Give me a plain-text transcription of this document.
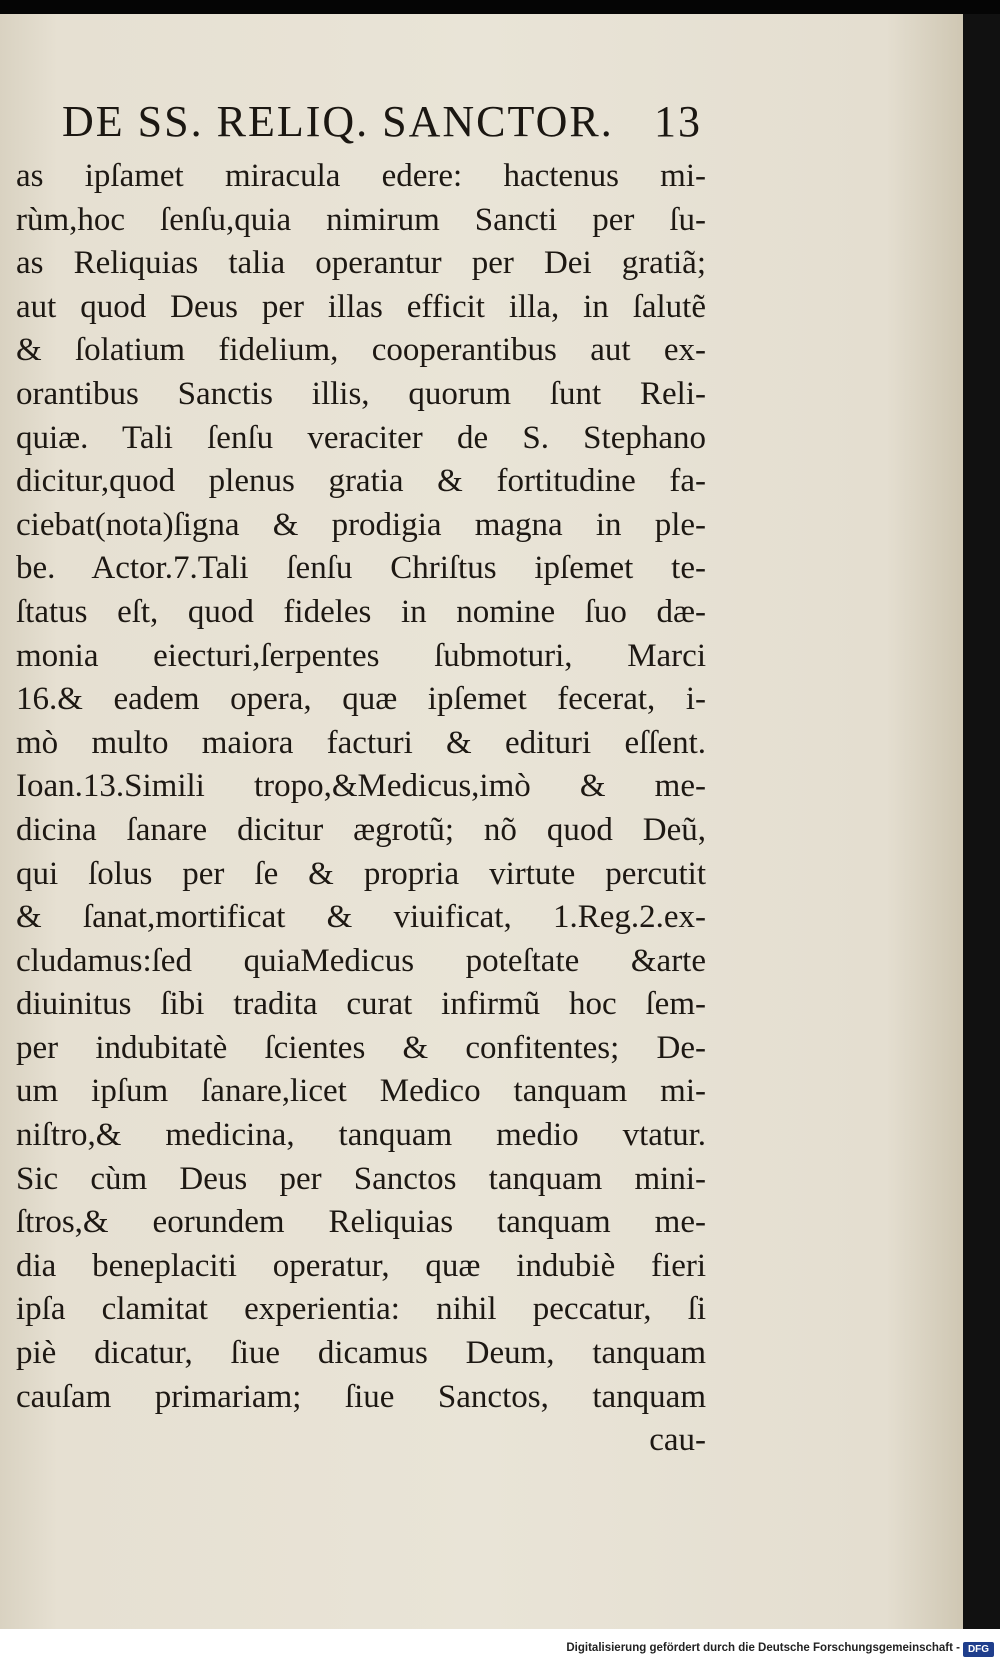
DE SS. RELIQ. SANCTOR. 13
as ipſamet miracula edere: hactenus mi-
rùm,hoc ſenſu,quia nimirum Sancti per ſu-
as Reliquias talia operantur per Dei gratiã;
aut quod Deus per illas efficit illa, in ſalutẽ
& ſolatium fidelium, cooperantibus aut ex-
orantibus Sanctis illis, quorum ſunt Reli-
quiæ. Tali ſenſu veraciter de S. Stephano
dicitur,quod plenus gratia & fortitudine fa-
ciebat(nota)ſigna & prodigia magna in ple-
be. Actor.7.Tali ſenſu Chriſtus ipſemet te-
ſtatus eſt, quod fideles in nomine ſuo dæ-
monia eiecturi,ſerpentes ſubmoturi, Marci
16.& eadem opera, quæ ipſemet fecerat, i-
mò multo maiora facturi & edituri eſſent.
Ioan.13.Simili tropo,&Medicus,imò & me-
dicina ſanare dicitur ægrotũ; nõ quod Deũ,
qui ſolus per ſe & propria virtute percutit
& ſanat,mortificat & viuificat, 1.Reg.2.ex-
cludamus:ſed quiaMedicus poteſtate &arte
diuinitus ſibi tradita curat infirmũ hoc ſem-
per indubitatè ſcientes & confitentes; De-
um ipſum ſanare,licet Medico tanquam mi-
niſtro,& medicina, tanquam medio vtatur.
Sic cùm Deus per Sanctos tanquam mini-
ſtros,& eorundem Reliquias tanquam me-
dia beneplaciti operatur, quæ indubiè fieri
ipſa clamitat experientia: nihil peccatur, ſi
piè dicatur, ſiue dicamus Deum, tanquam
cauſam primariam; ſiue Sanctos, tanquam
cau-
Digitalisierung gefördert durch die Deutsche Forschungsgemeinschaft - DFG
